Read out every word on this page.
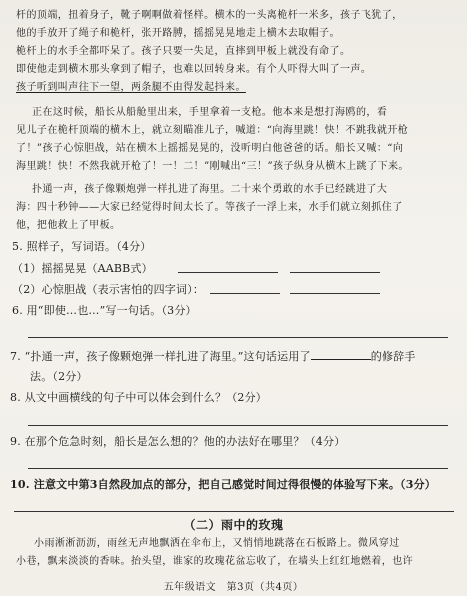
杆的顶端，扭着身子，靴子啊啊做着怪样。横木的一头离桅杆一米多，孩子飞犹了，
他的手放开了绳子和桅杆，张开路膊，摇摇晃晃地走上横木去取帽子。
桅杆上的水手全都吓呆了。孩子只要一失足，直摔到甲板上就没有命了。
即使他走到横木那头拿到了帽子，也难以回转身来。有个人吓得大叫了一声。
孩子听到叫声往下一望，两条腿不由得发起抖来。
正在这时候，船长从船舱里出来，手里拿着一支枪。他本来是想打海鸥的，看
见儿子在桅杆顶端的横木上，就立刻瞄准儿子，喊道：“向海里跳！快！不跳我就开枪
了！”孩子心惊胆战，站在横木上摇摇晃晃的，没听明白他爸爸的话。船长又喊：“向
海里跳！快！不然我就开枪了！一！二！”刚喊出“三！”孩子纵身从横木上跳了下来。
扑通一声，孩子像颗炮弹一样扎进了海里。二十来个勇敢的水手已经跳进了大
海：四十秒钟——大家已经觉得时间太长了。等孩子一浮上来，水手们就立刻抓住了
他，把他救上了甲板。
5. 照样子，写词语。（4分）
（1）摇摇晃晃（AABB式）
（2）心惊胆战（表示害怕的四字词）：
6. 用“即使…也…”写一句话。（3分）
7. “扑通一声，孩子像颗炮弹一样扎进了海里。”这句话运用了	的修辞手
法。（2分）
8. 从文中画横线的句子中可以体会到什么？（2分）
9. 在那个危急时刻，船长是怎么想的？他的办法好在哪里？（4分）
10. 注意文中第3自然段加点的部分，把自己感觉时间过得很慢的体验写下来。（3分）
（二）雨中的玫瑰
小雨淅淅沥沥，雨丝无声地飘洒在伞布上，又悄悄地跳落在石板路上。微风穿过
小巷，飘来淡淡的香味。抬头望，谁家的玫瑰花盆忘收了，在墙头上红红地燃着，也许
五年级语文　第3页（共4页）
